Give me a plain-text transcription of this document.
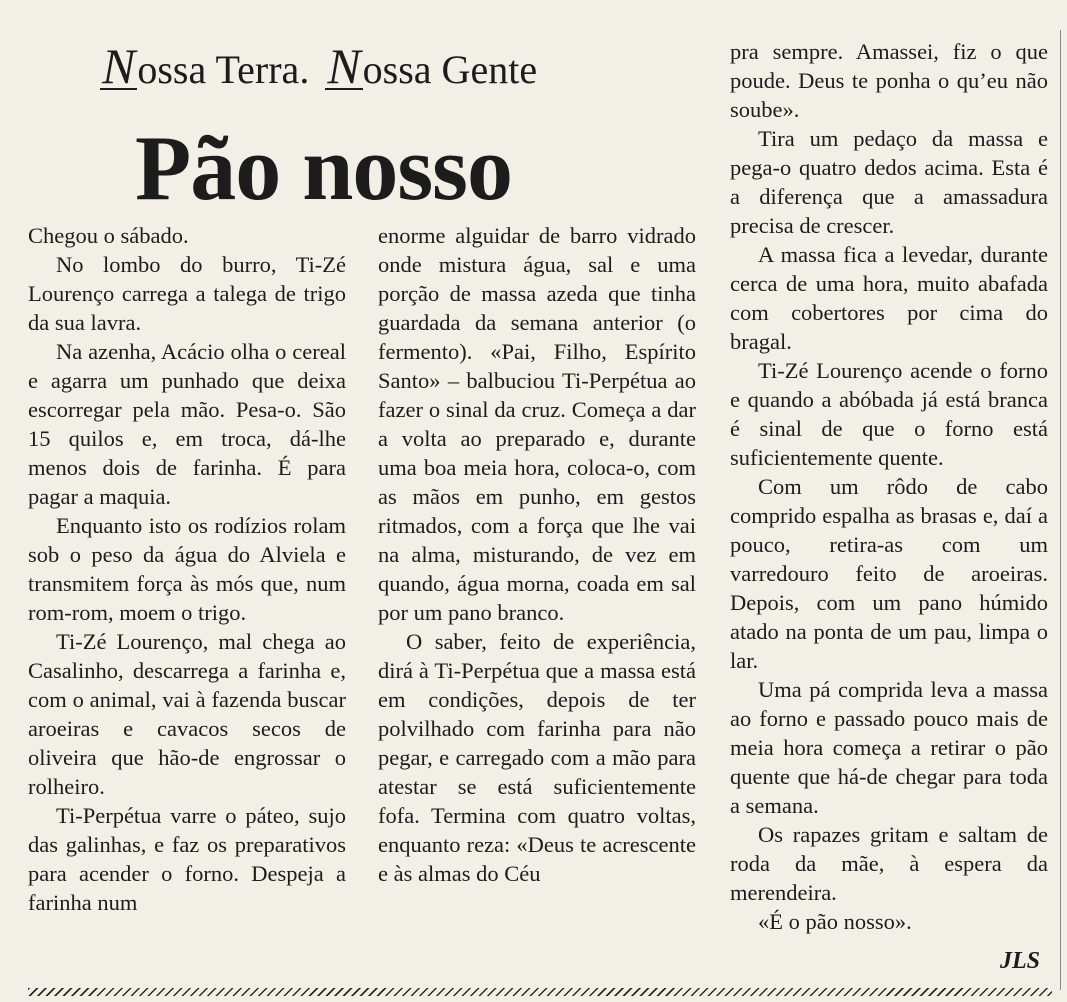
Nossa Terra. Nossa Gente
Pão nosso

Chegou o sábado.

No lombo do burro, Ti-Zé Lourenço carrega a talega de trigo da sua lavra.

Na azenha, Acácio olha o cereal e agarra um punhado que deixa escorregar pela mão. Pesa-o. São 15 quilos e, em troca, dá-lhe menos dois de farinha. É para pagar a maquia.

Enquanto isto os rodízios rolam sob o peso da água do Alviela e transmitem força às mós que, num rom-rom, moem o trigo.

Ti-Zé Lourenço, mal chega ao Casalinho, descarrega a farinha e, com o animal, vai à fazenda buscar aroeiras e cavacos secos de oliveira que hão-de engrossar o rolheiro.

Ti-Perpétua varre o páteo, sujo das galinhas, e faz os preparativos para acender o forno. Despeja a farinha num

enorme alguidar de barro vidrado onde mistura água, sal e uma porção de massa azeda que tinha guardada da semana anterior (o fermento). «Pai, Filho, Espírito Santo» – balbuciou Ti-Perpétua ao fazer o sinal da cruz. Começa a dar a volta ao preparado e, durante uma boa meia hora, coloca-o, com as mãos em punho, em gestos ritmados, com a força que lhe vai na alma, misturando, de vez em quando, água morna, coada em sal por um pano branco.

O saber, feito de experiência, dirá à Ti-Perpétua que a massa está em condições, depois de ter polvilhado com farinha para não pegar, e carregado com a mão para atestar se está suficientemente fofa. Termina com quatro voltas, enquanto reza: «Deus te acrescente e às almas do Céu

pra sempre. Amassei, fiz o que poude. Deus te ponha o qu’eu não soube».

Tira um pedaço da massa e pega-o quatro dedos acima. Esta é a diferença que a amassadura precisa de crescer.

A massa fica a levedar, durante cerca de uma hora, muito abafada com cobertores por cima do bragal.

Ti-Zé Lourenço acende o forno e quando a abóbada já está branca é sinal de que o forno está suficientemente quente.

Com um rôdo de cabo comprido espalha as brasas e, daí a pouco, retira-as com um varredouro feito de aroeiras. Depois, com um pano húmido atado na ponta de um pau, limpa o lar.

Uma pá comprida leva a massa ao forno e passado pouco mais de meia hora começa a retirar o pão quente que há-de chegar para toda a semana.

Os rapazes gritam e saltam de roda da mãe, à espera da merendeira.

«É o pão nosso».

JLS
